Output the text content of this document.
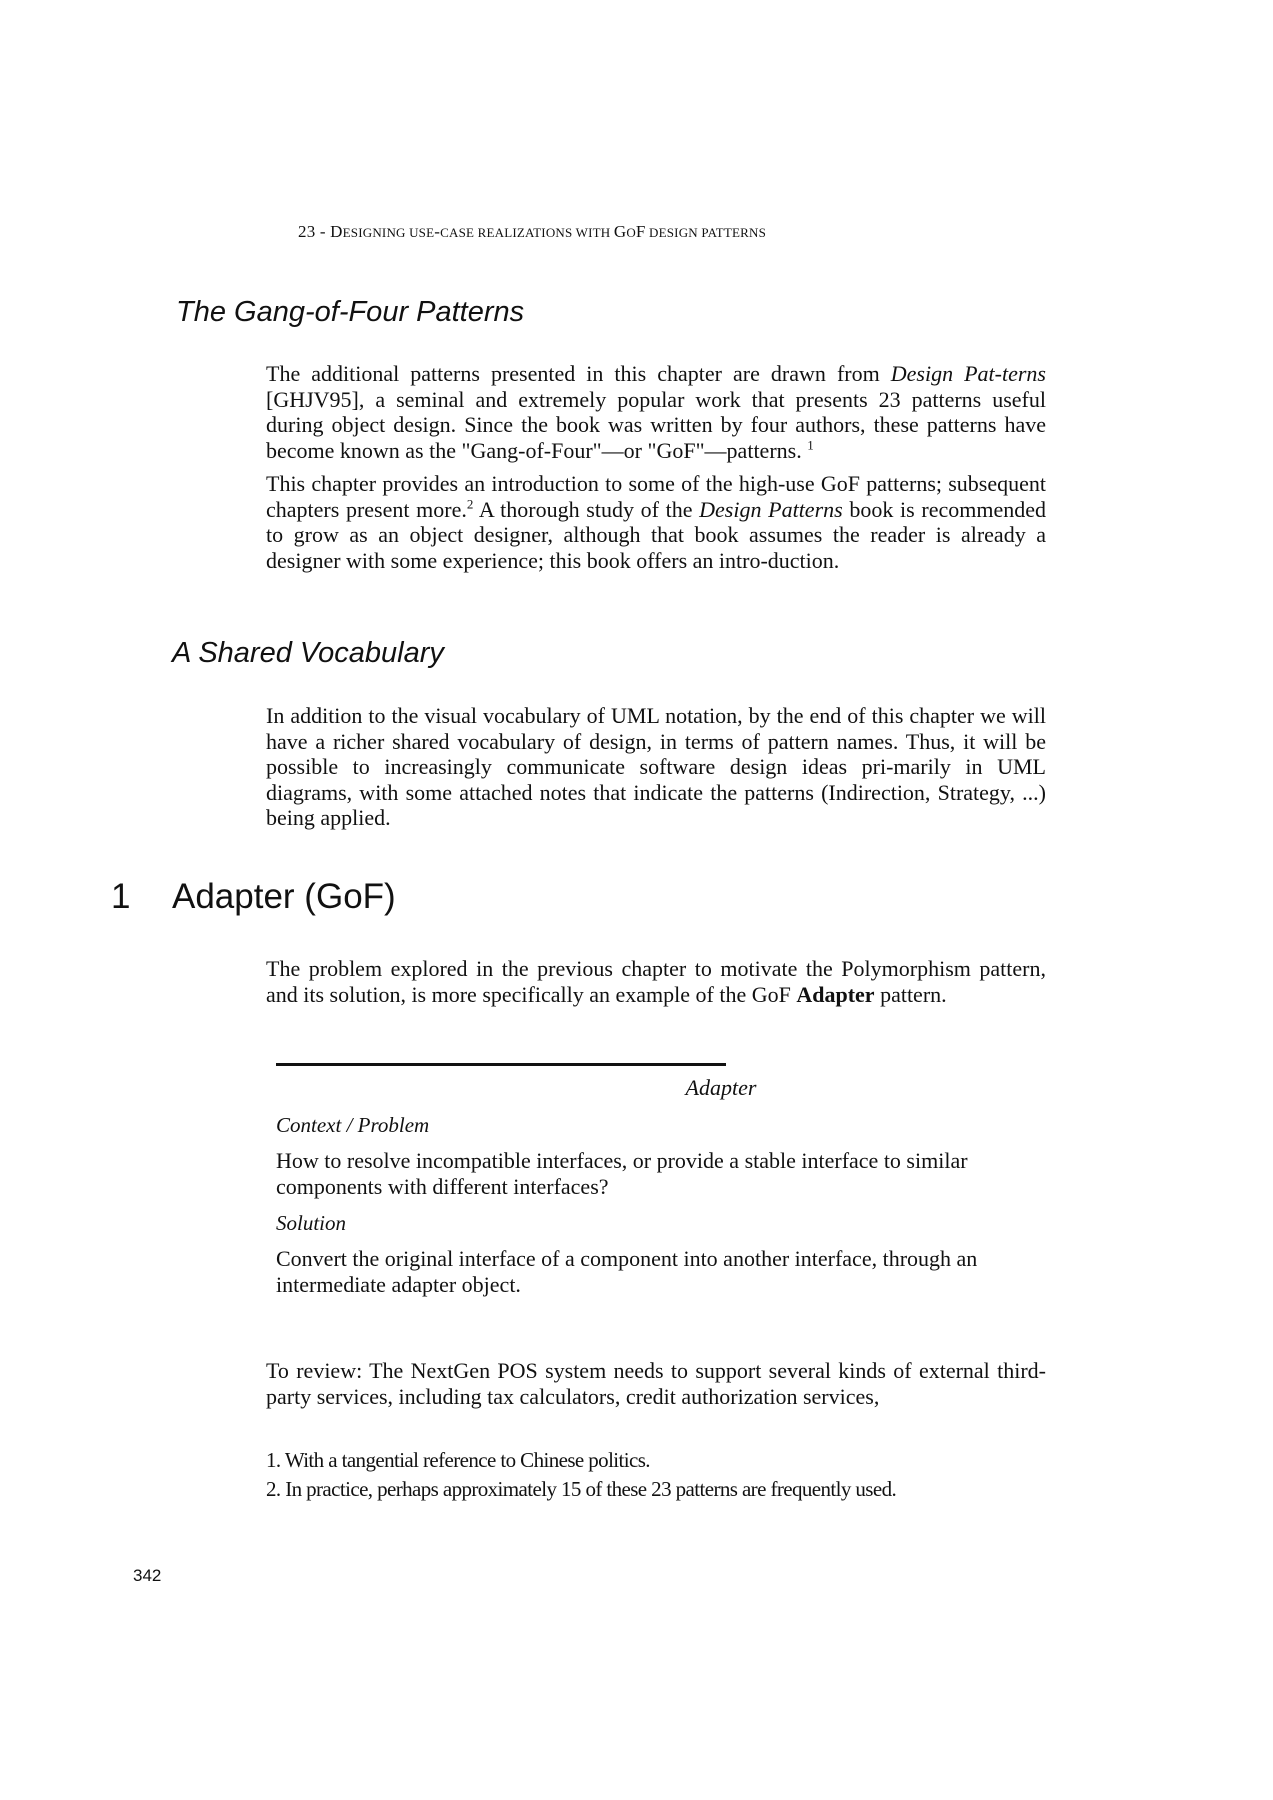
23 - DESIGNING USE-CASE REALIZATIONS WITH GOF DESIGN PATTERNS
The Gang-of-Four Patterns

The additional patterns presented in this chapter are drawn from Design Pat-terns [GHJV95], a seminal and extremely popular work that presents 23 patterns useful during object design. Since the book was written by four authors, these patterns have become known as the "Gang-of-Four"—or "GoF"—patterns. $^1$

This chapter provides an introduction to some of the high-use GoF patterns; subsequent chapters present more.$^2$ A thorough study of the Design Patterns book is recommended to grow as an object designer, although that book assumes the reader is already a designer with some experience; this book offers an intro-duction.

A Shared Vocabulary

In addition to the visual vocabulary of UML notation, by the end of this chapter we will have a richer shared vocabulary of design, in terms of pattern names. Thus, it will be possible to increasingly communicate software design ideas pri-marily in UML diagrams, with some attached notes that indicate the patterns (Indirection, Strategy, ...) being applied.

1 Adapter (GoF)

The problem explored in the previous chapter to motivate the Polymorphism pattern, and its solution, is more specifically an example of the GoF Adapter pattern.

Adapter
Context / Problem
How to resolve incompatible interfaces, or provide a stable interface to similar components with different interfaces?
Solution
Convert the original interface of a component into another interface, through an intermediate adapter object.

To review: The NextGen POS system needs to support several kinds of external third-party services, including tax calculators, credit authorization services,

1. With a tangential reference to Chinese politics.
2. In practice, perhaps approximately 15 of these 23 patterns are frequently used.
342
